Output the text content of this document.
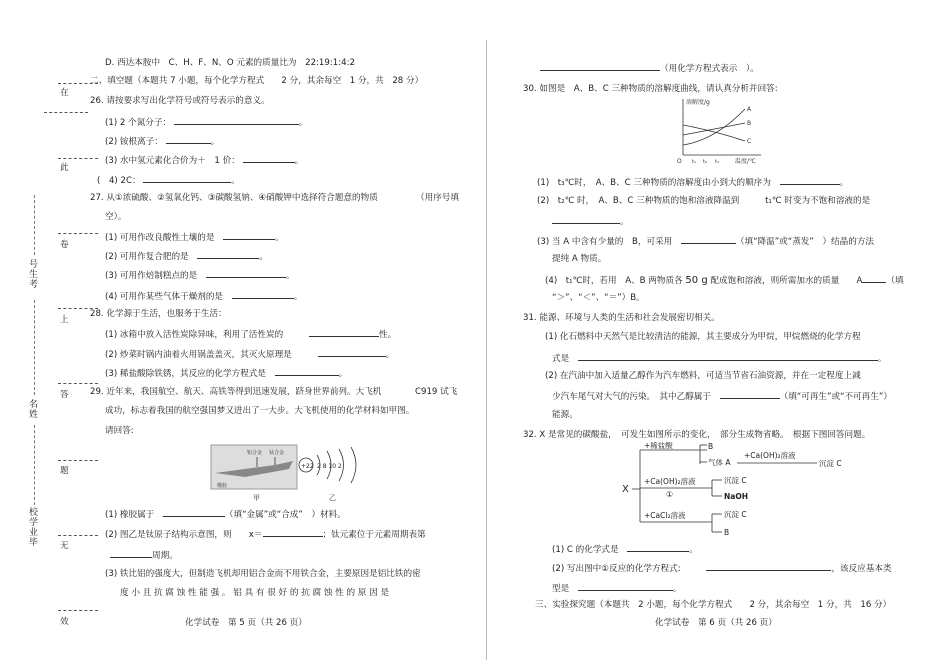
号生考
名姓
校学业毕
在
此
卷
上
答
题
无
效
D. 西达本胺中　C、H、F、N、O 元素的质量比为　22:19:1:4:2
二、填空题（本题共 7 小题，每个化学方程式　　2 分，其余每空　1 分，共　28 分）
26. 请按要求写出化学符号或符号表示的意义。
(1) 2 个氮分子：	。
(2) 铵根离子：	。
(3) 水中氢元素化合价为＋　1 价：	。
(　4) 2C：	。
27. 从①浓硫酸、②氢氧化钙、③碳酸氢钠、④硝酸钾中选择符合题意的物质	（用序号填
空）。
(1) 可用作改良酸性土壤的是　	。
(2) 可用作复合肥的是　	。
(3) 可用作焙制糕点的是　	。
(4) 可用作某些气体干燥剂的是　	。
28. 化学源于生活，也服务于生活：
(1) 冰箱中放入活性炭除异味，利用了活性炭的　　　	性。
(2) 炒菜时锅内油着火用锅盖盖灭，其灭火原理是　　　	。
(3) 稀盐酸除铁锈，其反应的化学方程式是　	。
29. 近年来，我国航空、航天、高铁等得到迅速发展，跻身世界前列。大飞机	C919 试飞
成功，标志着我国的航空强国梦又进出了一大步。大飞机使用的化学材料如甲图。
请回答:
铝合金 钛合金
橡胶
甲
+22 2 8 10 2
乙
(1) 橡胶属于　	（填“金属”或“合成”　）材料。
(2) 图乙是钛原子结构示意图，则　　x＝	；钛元素位于元素周期表第
周期。
(3) 铁比铝的强度大，但制造飞机却用铝合金而不用铁合金，主要原因是铝比铁的密
度 小 且 抗 腐 蚀 性 能 强 。 铝 具 有 很 好 的 抗 腐 蚀 性 的 原 因 是
化学试卷　第 5 页（共 26 页）
（用化学方程式表示　）。
30. 如图是　A、B、C 三种物质的溶解度曲线，请认真分析并回答:
溶解度/g
温度/℃
O t₁ t₂ t₃
A
B
C
(1)　t₃℃时，　A、B、C 三种物质的溶解度由小到大的顺序为　	。
(2)　t₂℃ 时，　A、B、C 三种物质的饱和溶液降温到　　　	t₁℃ 时变为不饱和溶液的是
。
(3) 当 A 中含有少量的　B，可采用　	（填“降温”或“蒸发”　）结晶的方法
提纯 A 物质。
(4)　t₁℃时，若用　A、B 两物质各 50 g 配成饱和溶液，则所需加水的质量　　A	（填
“＞”、“＜”、“＝”）B。
31. 能源、环境与人类的生活和社会发展密切相关。
(1) 化石燃料中天然气是比较清洁的能源，其主要成分为甲烷，甲烷燃烧的化学方程
式是　	。
(2) 在汽油中加入适量乙醇作为汽车燃料，可适当节省石油资源，并在一定程度上减
少汽车尾气对大气的污染。　其中乙醇属于　	（填“可再生”或“不可再生”）
能源。
32. X 是常见的碳酸盐，　可发生如图所示的变化，　部分生成物省略。　根据下图回答问题。
X
+稀盐酸	B
气体 A
+Ca(OH)₂溶液
沉淀 C
+Ca(OH)₂溶液
①
沉淀 C
NaOH
+CaCl₂溶液	沉淀 C
B
(1) C 的化学式是　	。
(2) 写出图中①反应的化学方程式:　　　	，该反应基本类
型是　	。
三、实验探究题（本题共　2 小题，每个化学方程式　　2 分，其余每空　1 分，共　16 分）
化学试卷　第 6 页（共 26 页）
